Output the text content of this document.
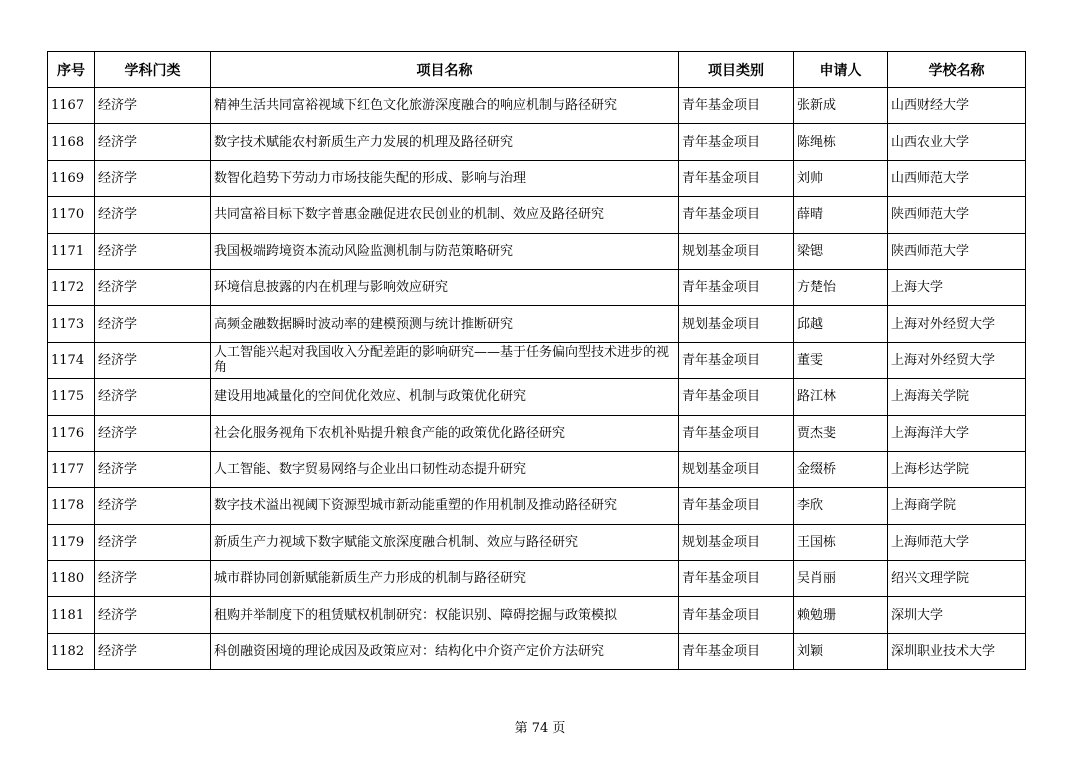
序号	学科门类	项目名称	项目类别	申请人	学校名称
1167	经济学	精神生活共同富裕视域下红色文化旅游深度融合的响应机制与路径研究	青年基金项目	张新成	山西财经大学
1168	经济学	数字技术赋能农村新质生产力发展的机理及路径研究	青年基金项目	陈绳栋	山西农业大学
1169	经济学	数智化趋势下劳动力市场技能失配的形成、影响与治理	青年基金项目	刘帅	山西师范大学
1170	经济学	共同富裕目标下数字普惠金融促进农民创业的机制、效应及路径研究	青年基金项目	薛晴	陕西师范大学
1171	经济学	我国极端跨境资本流动风险监测机制与防范策略研究	规划基金项目	梁锶	陕西师范大学
1172	经济学	环境信息披露的内在机理与影响效应研究	青年基金项目	方楚怡	上海大学
1173	经济学	高频金融数据瞬时波动率的建模预测与统计推断研究	规划基金项目	邱越	上海对外经贸大学
1174	经济学	人工智能兴起对我国收入分配差距的影响研究——基于任务偏向型技术进步的视角	青年基金项目	董雯	上海对外经贸大学
1175	经济学	建设用地减量化的空间优化效应、机制与政策优化研究	青年基金项目	路江林	上海海关学院
1176	经济学	社会化服务视角下农机补贴提升粮食产能的政策优化路径研究	青年基金项目	贾杰斐	上海海洋大学
1177	经济学	人工智能、数字贸易网络与企业出口韧性动态提升研究	规划基金项目	金缀桥	上海杉达学院
1178	经济学	数字技术溢出视阈下资源型城市新动能重塑的作用机制及推动路径研究	青年基金项目	李欣	上海商学院
1179	经济学	新质生产力视域下数字赋能文旅深度融合机制、效应与路径研究	规划基金项目	王国栋	上海师范大学
1180	经济学	城市群协同创新赋能新质生产力形成的机制与路径研究	青年基金项目	吴肖丽	绍兴文理学院
1181	经济学	租购并举制度下的租赁赋权机制研究：权能识别、障碍挖掘与政策模拟	青年基金项目	赖勉珊	深圳大学
1182	经济学	科创融资困境的理论成因及政策应对：结构化中介资产定价方法研究	青年基金项目	刘颖	深圳职业技术大学
第 74 页
